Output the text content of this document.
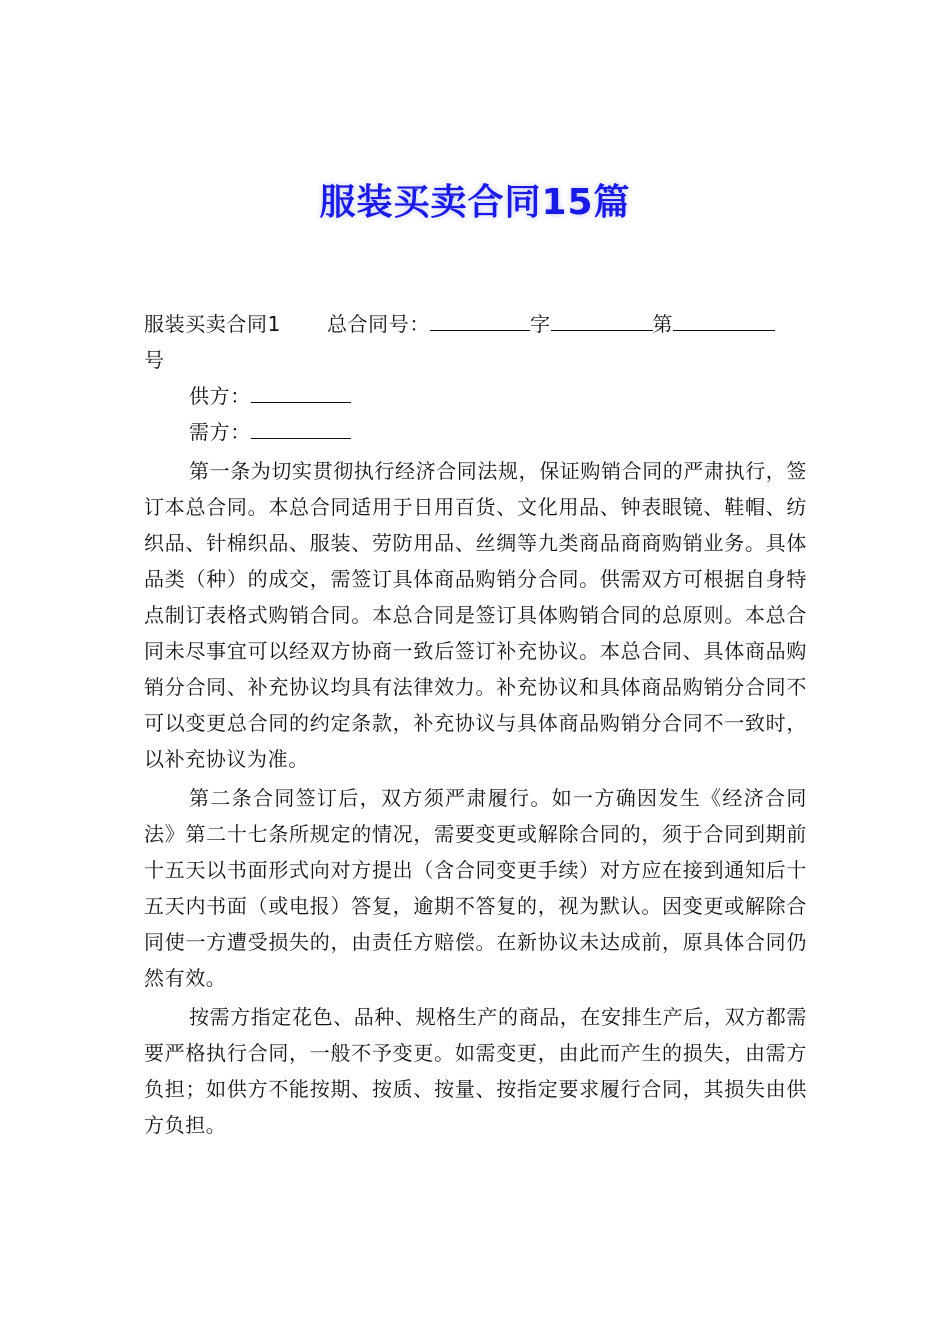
服装买卖合同15篇

服装买卖合同1 总合同号：	字	第

号

供方：

需方：

第一条为切实贯彻执行经济合同法规，保证购销合同的严肃执行，签订本总合同。本总合同适用于日用百货、文化用品、钟表眼镜、鞋帽、纺织品、针棉织品、服装、劳防用品、丝绸等九类商品商商购销业务。具体品类（种）的成交，需签订具体商品购销分合同。供需双方可根据自身特点制订表格式购销合同。本总合同是签订具体购销合同的总原则。本总合同未尽事宜可以经双方协商一致后签订补充协议。本总合同、具体商品购销分合同、补充协议均具有法律效力。补充协议和具体商品购销分合同不可以变更总合同的约定条款，补充协议与具体商品购销分合同不一致时，以补充协议为准。

第二条合同签订后，双方须严肃履行。如一方确因发生《经济合同法》第二十七条所规定的情况，需要变更或解除合同的，须于合同到期前十五天以书面形式向对方提出（含合同变更手续）对方应在接到通知后十五天内书面（或电报）答复，逾期不答复的，视为默认。因变更或解除合同使一方遭受损失的，由责任方赔偿。在新协议未达成前，原具体合同仍然有效。

按需方指定花色、品种、规格生产的商品，在安排生产后，双方都需要严格执行合同，一般不予变更。如需变更，由此而产生的损失，由需方负担；如供方不能按期、按质、按量、按指定要求履行合同，其损失由供方负担。
